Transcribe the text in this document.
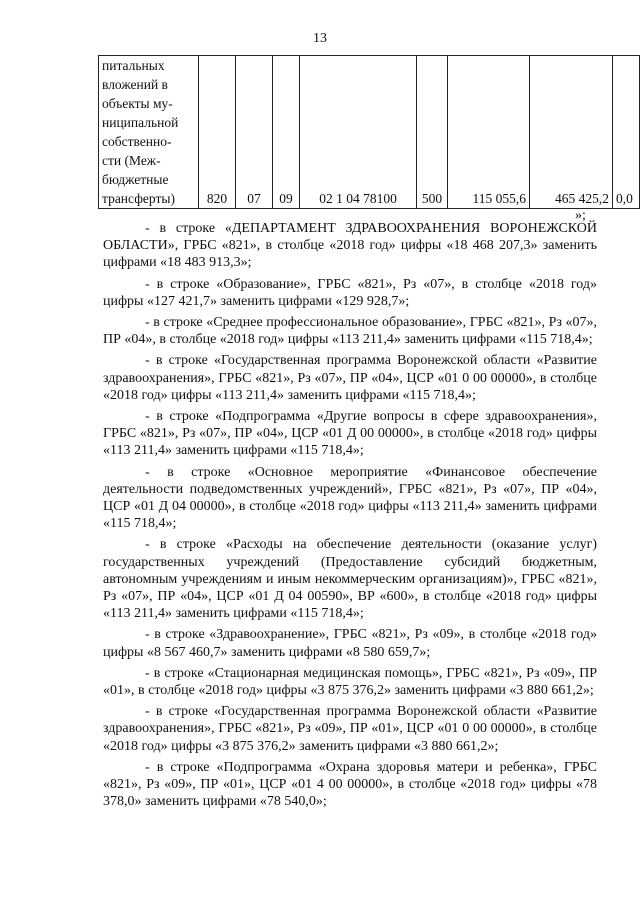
13
питальных
вложений в
объекты му-
ниципальной
собственно-
сти (Меж-
бюджетные
трансферты)	820	07	09	02 1 04 78100	500	115 055,6	465 425,2	0,0
»;

- в строке «ДЕПАРТАМЕНТ ЗДРАВООХРАНЕНИЯ ВОРОНЕЖСКОЙ ОБЛАСТИ», ГРБС «821», в столбце «2018 год» цифры «18 468 207,3» заменить цифрами «18 483 913,3»;

- в строке «Образование», ГРБС «821», Рз «07», в столбце «2018 год» цифры «127 421,7» заменить цифрами «129 928,7»;

- в строке «Среднее профессиональное образование», ГРБС «821», Рз «07», ПР «04», в столбце «2018 год» цифры «113 211,4» заменить цифрами «115 718,4»;

- в строке «Государственная программа Воронежской области «Развитие здравоохранения», ГРБС «821», Рз «07», ПР «04», ЦСР «01 0 00 00000», в столбце «2018 год» цифры «113 211,4» заменить цифрами «115 718,4»;

- в строке «Подпрограмма «Другие вопросы в сфере здравоохранения», ГРБС «821», Рз «07», ПР «04», ЦСР «01 Д 00 00000», в столбце «2018 год» цифры «113 211,4» заменить цифрами «115 718,4»;

- в строке «Основное мероприятие «Финансовое обеспечение деятельности подведомственных учреждений», ГРБС «821», Рз «07», ПР «04», ЦСР «01 Д 04 00000», в столбце «2018 год» цифры «113 211,4» заменить цифрами «115 718,4»;

- в строке «Расходы на обеспечение деятельности (оказание услуг) государственных учреждений (Предоставление субсидий бюджетным, автономным учреждениям и иным некоммерческим организациям)», ГРБС «821», Рз «07», ПР «04», ЦСР «01 Д 04 00590», ВР «600», в столбце «2018 год» цифры «113 211,4» заменить цифрами «115 718,4»;

- в строке «Здравоохранение», ГРБС «821», Рз «09», в столбце «2018 год» цифры «8 567 460,7» заменить цифрами «8 580 659,7»;

- в строке «Стационарная медицинская помощь», ГРБС «821», Рз «09», ПР «01», в столбце «2018 год» цифры «3 875 376,2» заменить цифрами «3 880 661,2»;

- в строке «Государственная программа Воронежской области «Развитие здравоохранения», ГРБС «821», Рз «09», ПР «01», ЦСР «01 0 00 00000», в столбце «2018 год» цифры «3 875 376,2» заменить цифрами «3 880 661,2»;

- в строке «Подпрограмма «Охрана здоровья матери и ребенка», ГРБС «821», Рз «09», ПР «01», ЦСР «01 4 00 00000», в столбце «2018 год» цифры «78 378,0» заменить цифрами «78 540,0»;
